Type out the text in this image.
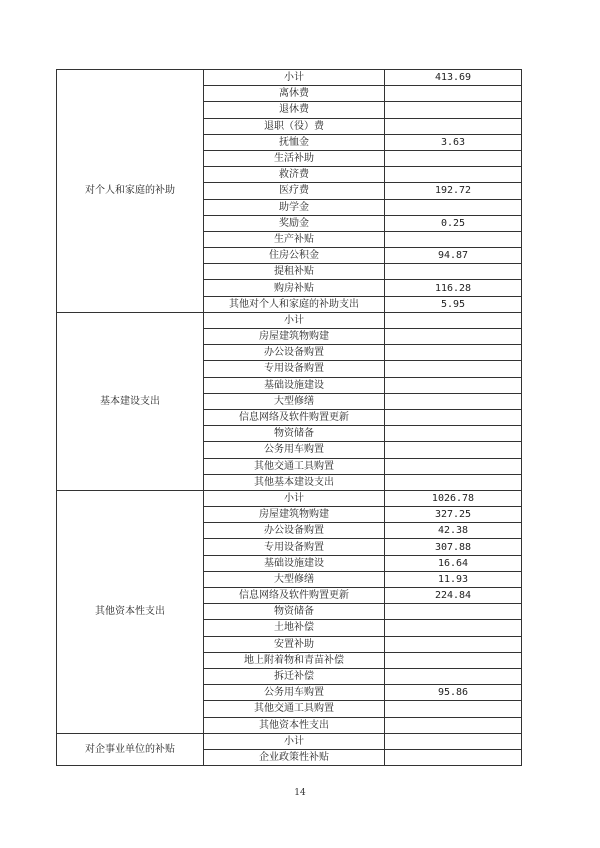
对个人和家庭的补助	小计	413.69
	离休费	
	退休费	
	退职（役）费	
	抚恤金	3.63
	生活补助	
	救济费	
	医疗费	192.72
	助学金	
	奖励金	0.25
	生产补贴	
	住房公积金	94.87
	提租补贴	
	购房补贴	116.28
	其他对个人和家庭的补助支出	5.95
基本建设支出	小计	
	房屋建筑物购建	
	办公设备购置	
	专用设备购置	
	基础设施建设	
	大型修缮	
	信息网络及软件购置更新	
	物资储备	
	公务用车购置	
	其他交通工具购置	
	其他基本建设支出	
其他资本性支出	小计	1026.78
	房屋建筑物购建	327.25
	办公设备购置	42.38
	专用设备购置	307.88
	基础设施建设	16.64
	大型修缮	11.93
	信息网络及软件购置更新	224.84
	物资储备	
	土地补偿	
	安置补助	
	地上附着物和青苗补偿	
	拆迁补偿	
	公务用车购置	95.86
	其他交通工具购置	
	其他资本性支出	
对企事业单位的补贴	小计	
	企业政策性补贴	
14
